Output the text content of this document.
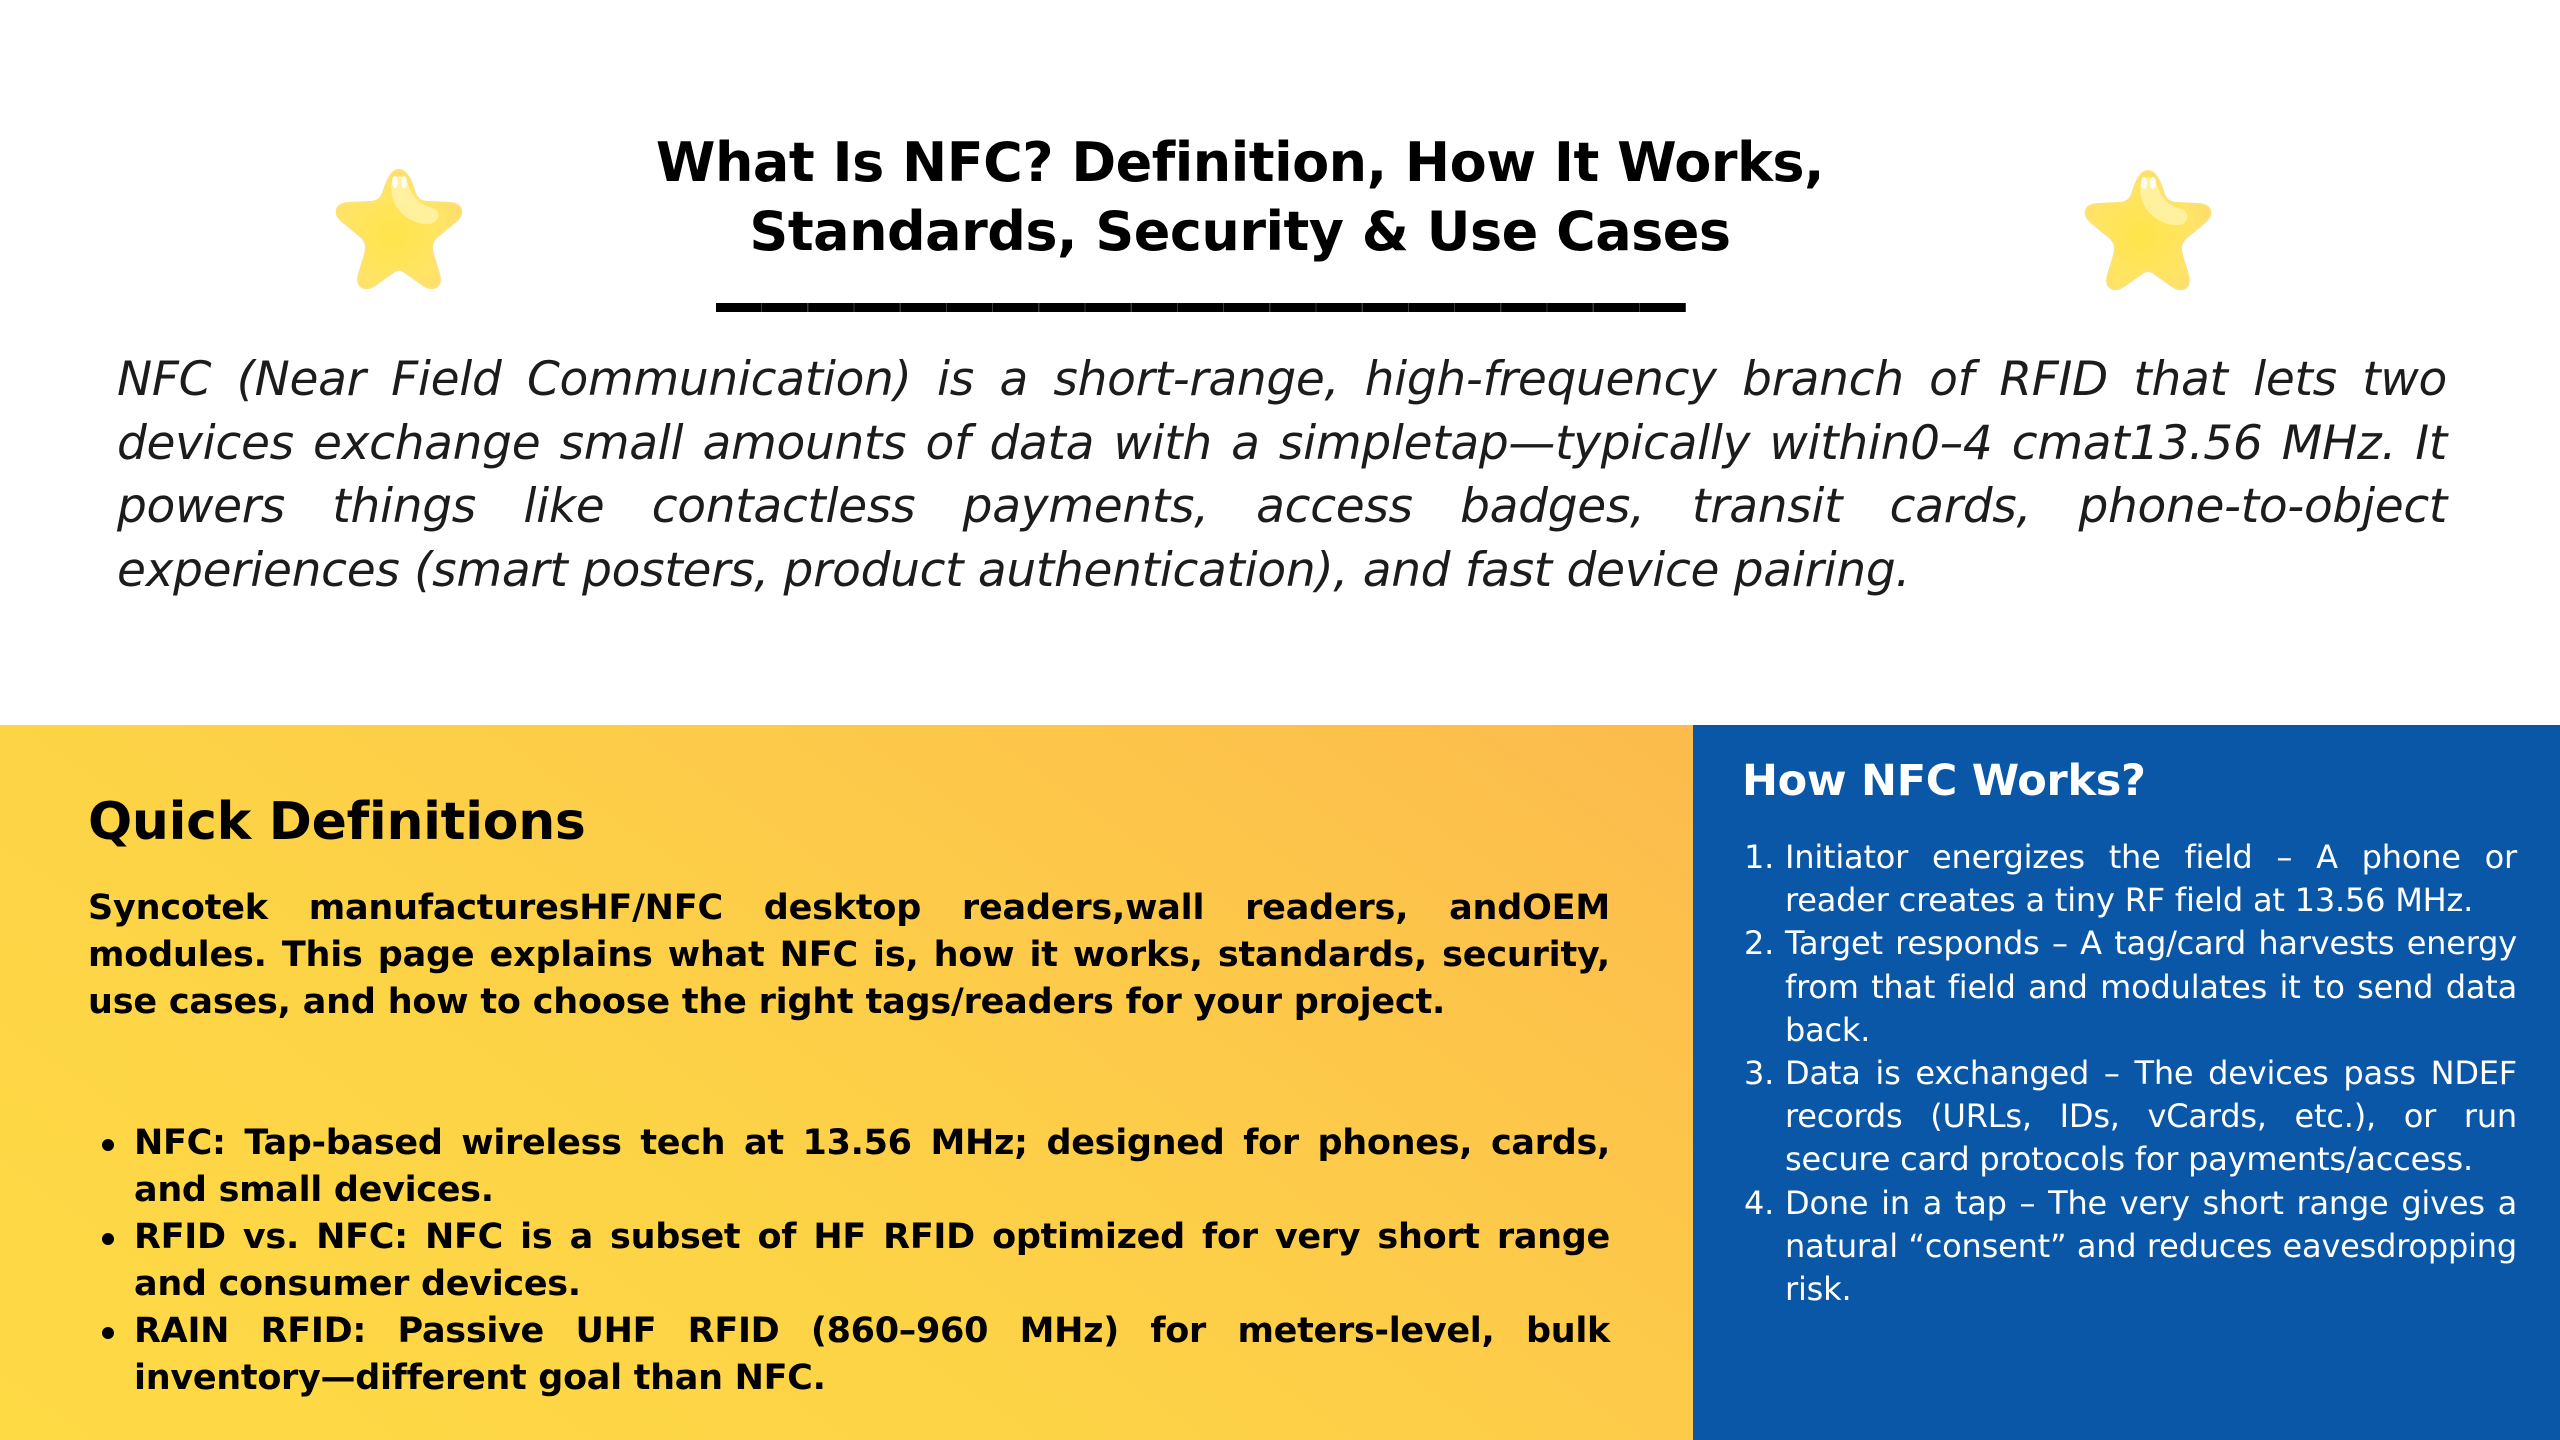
What Is NFC? Definition, How It Works,
Standards, Security & Use Cases

NFC (Near Field Communication) is a short-range, high-frequency branch of RFID that lets two devices exchange small amounts of data with a simpletap—typically within0–4 cmat13.56 MHz. It powers things like contactless payments, access badges, transit cards, phone-to-object experiences (smart posters, product authentication), and fast device pairing.

Quick Definitions

Syncotek manufacturesHF/NFC desktop readers,wall readers, andOEM modules. This page explains what NFC is, how it works, standards, security, use cases, and how to choose the right tags/readers for your project.

NFC: Tap-based wireless tech at 13.56 MHz; designed for phones, cards, and small devices.
RFID vs. NFC: NFC is a subset of HF RFID optimized for very short range and consumer devices.
RAIN RFID: Passive UHF RFID (860–960 MHz) for meters-level, bulk inventory—different goal than NFC.
How NFC Works?
1. Initiator energizes the field – A phone or reader creates a tiny RF field at 13.56 MHz.
2. Target responds – A tag/card harvests energy from that field and modulates it to send data back.
3. Data is exchanged – The devices pass NDEF records (URLs, IDs, vCards, etc.), or run secure card protocols for payments/access.
4. Done in a tap – The very short range gives a natural “consent” and reduces eavesdropping risk.
